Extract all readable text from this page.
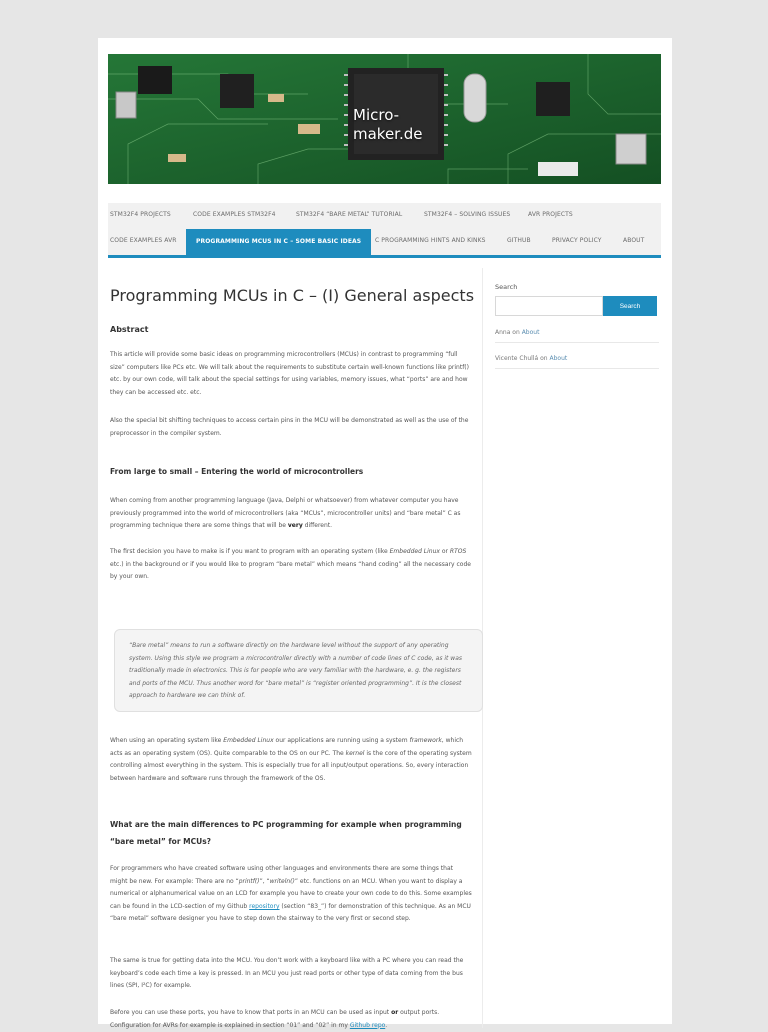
Micro-
maker.de
STM32F4 PROJECTS	CODE EXAMPLES STM32F4	STM32F4 “BARE METAL” TUTORIAL	STM32F4 – SOLVING ISSUES	AVR PROJECTS
CODE EXAMPLES AVR	PROGRAMMING MCUS IN C – SOME BASIC IDEAS	C PROGRAMMING HINTS AND KINKS	GITHUB	PRIVACY POLICY	ABOUT
Programming MCUs in C – (I) General aspects
Abstract
This article will provide some basic ideas on programming microcontrollers (MCUs) in contrast to programming “full size” computers like PCs etc. We will talk about the requirements to substitute certain well-known functions like printf() etc. by our own code, will talk about the special settings for using variables, memory issues, what “ports” are and how they can be accessed etc. etc.
Also the special bit shifting techniques to access certain pins in the MCU will be demonstrated as well as the use of the preprocessor in the compiler system.
From large to small – Entering the world of microcontrollers
When coming from another programming language (Java, Delphi or whatsoever) from whatever computer you have previously programmed into the world of microcontrollers (aka “MCUs”, microcontroller units) and “bare metal” C as programming technique there are some things that will be very different.
The first decision you have to make is if you want to program with an operating system (like Embedded Linux or RTOS etc.) in the background or if you would like to program “bare metal” which means “hand coding” all the necessary code by your own.
“Bare metal” means to run a software directly on the hardware level without the support of any operating system. Using this style we program a microcontroller directly with a number of code lines of C code, as it was traditionally made in electronics. This is for people who are very familiar with the hardware, e. g. the registers and ports of the MCU. Thus another word for “bare metal” is “register oriented programming”. It is the closest approach to hardware we can think of.
When using an operating system like Embedded Linux our applications are running using a system framework, which acts as an operating system (OS). Quite comparable to the OS on our PC. The kernel is the core of the operating system controlling almost everything in the system. This is especially true for all input/output operations. So, every interaction between hardware and software runs through the framework of the OS.
What are the main differences to PC programming for example when programming “bare metal” for MCUs?
For programmers who have created software using other languages and environments there are some things that might be new. For example: There are no “printf()”, “writeln()” etc. functions on an MCU. When you want to display a numerical or alphanumerical value on an LCD for example you have to create your own code to do this. Some examples can be found in the LCD-section of my Github repository (section “83_”) for demonstration of this technique. As an MCU “bare metal” software designer you have to step down the stairway to the very first or second step.
The same is true for getting data into the MCU. You don’t work with a keyboard like with a PC where you can read the keyboard’s code each time a key is pressed. In an MCU you just read ports or other type of data coming from the bus lines (SPI, I²C) for example.
Before you can use these ports, you have to know that ports in an MCU can be used as input or output ports. Configuration for AVRs for example is explained in section “01” and “02” in my Github repo.
Search
Search
Anna on About
Vicente Chullá on About
